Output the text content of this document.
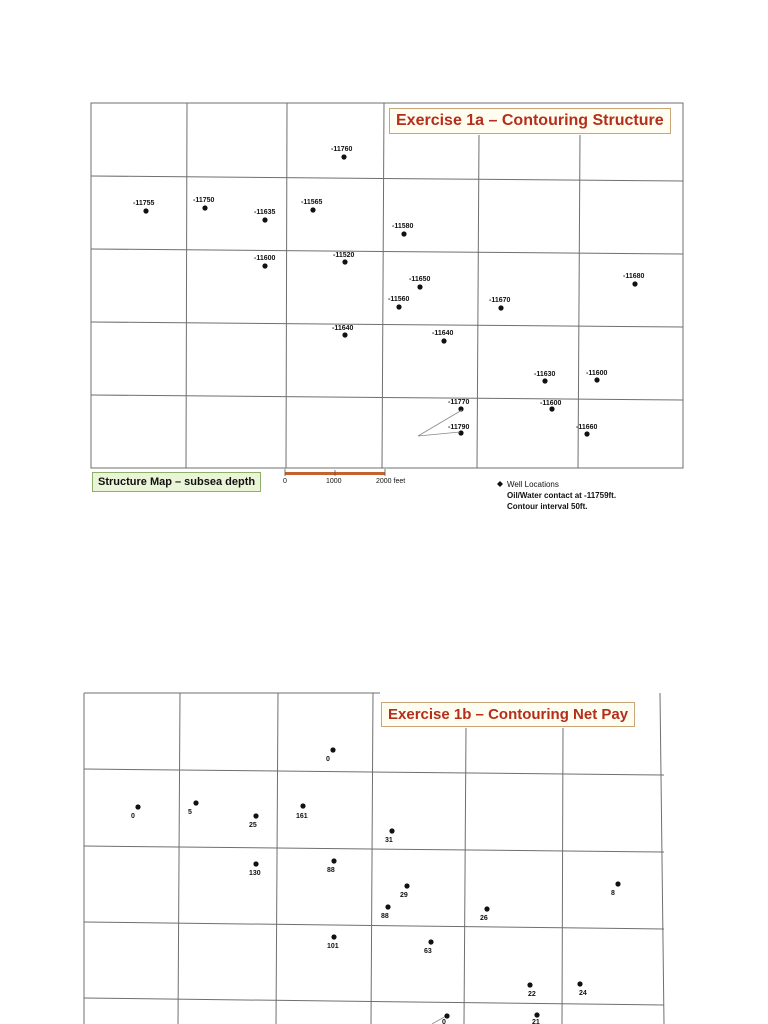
-11760
-11755	-11750
-11635
-11565
-11580
-11600	-11520
-11650
-11560	-11670
-11680
-11640
-11640
-11630	-11600
-11770	-11600
-11790	-11660
0
0
5
25
161
31
130	88
29
88	26
8
101
63
22	24
0	21
Exercise 1a – Contouring Structure
Structure Map – subsea depth	0	1000	2000 feet	Well Locations
Oil/Water contact at -11759ft.
Contour interval 50ft.
Exercise 1b – Contouring Net Pay
